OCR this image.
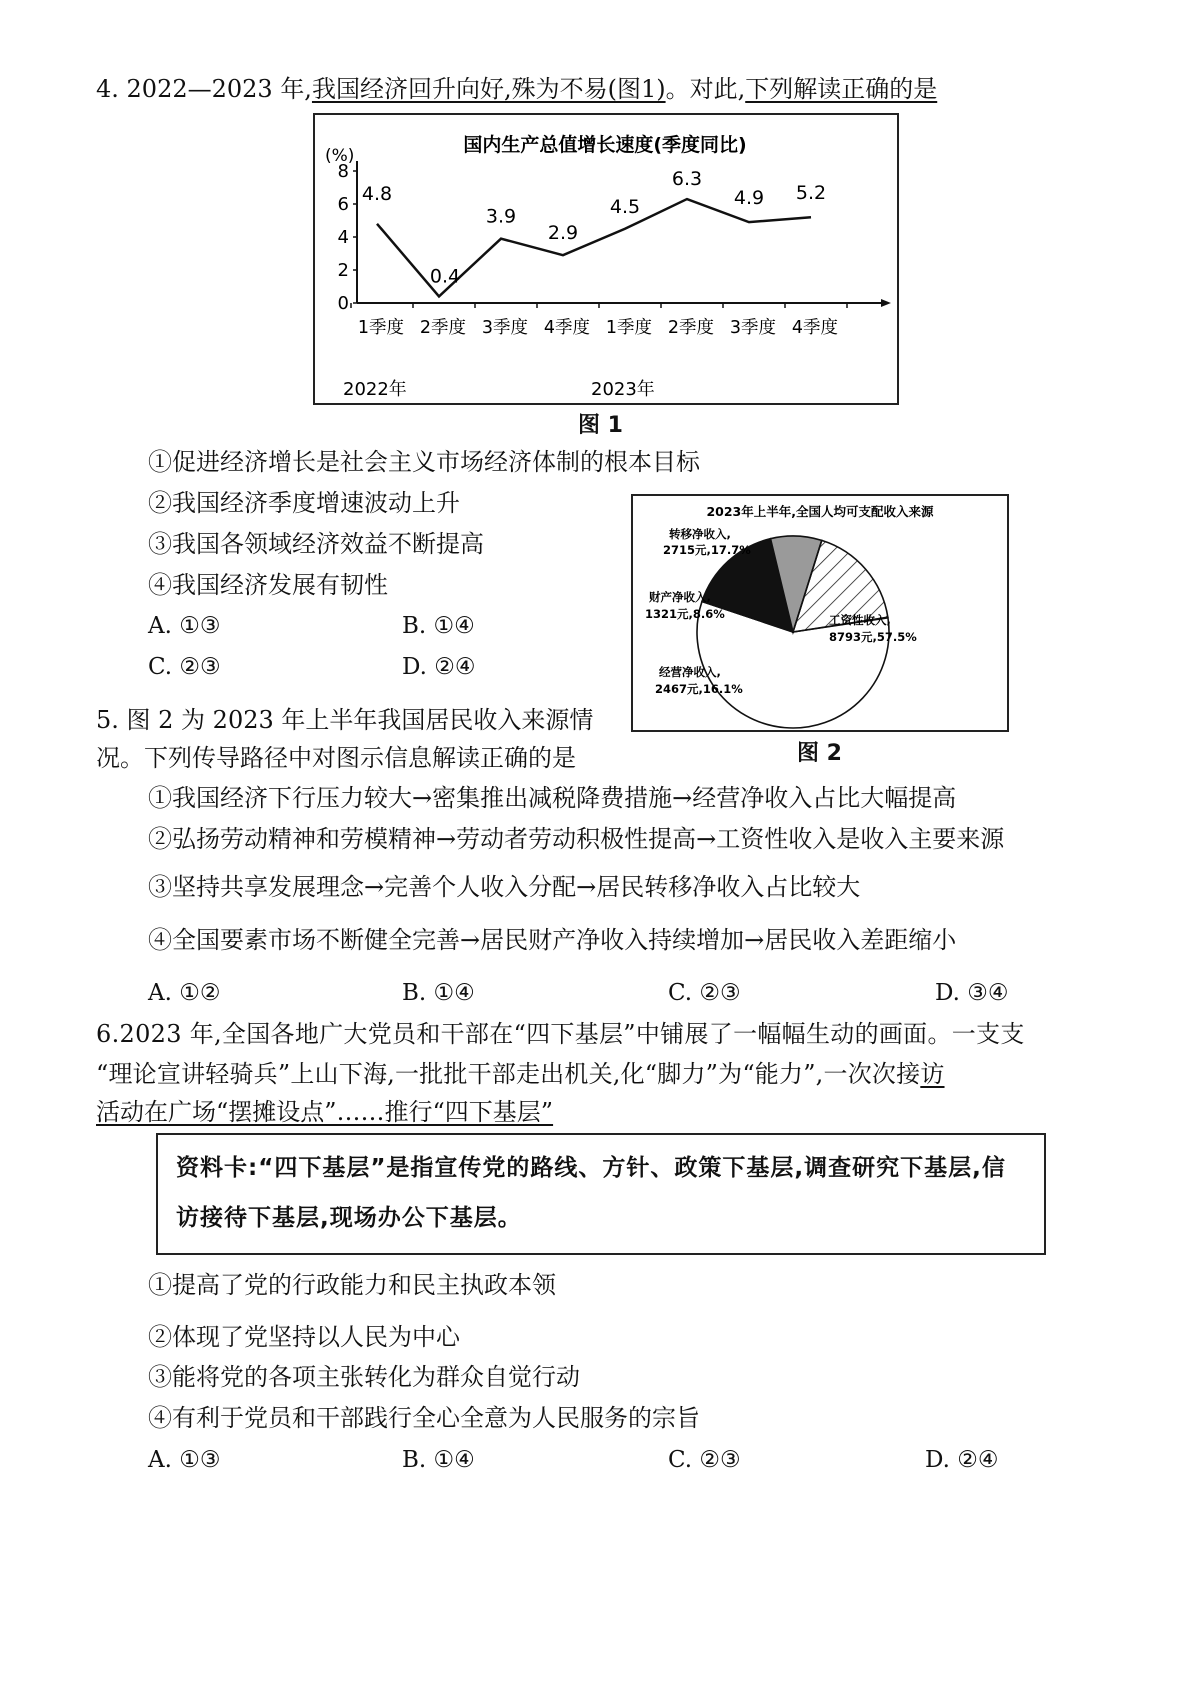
4. 2022—2023 年,我国经济回升向好,殊为不易(图1)。对此,下列解读正确的是
国内生产总值增长速度(季度同比)
(%)
0
2
4
6
8
1季度 2季度 3季度 4季度 1季度 2季度 3季度 4季度
4.8
0.4
3.9
2.9
4.5
6.3
4.9 5.2
2022年	2023年
图 1
①促进经济增长是社会主义市场经济体制的根本目标
②我国经济季度增速波动上升
③我国各领域经济效益不断提高
④我国经济发展有韧性
A. ①③	B. ①④
C. ②③	D. ②④
2023年上半年,全国人均可支配收入来源
转移净收入,
2715元,17.7%
财产净收入,
1321元,8.6%	工资性收入,
8793元,57.5%
经营净收入,
2467元,16.1%
图 2
5. 图 2 为 2023 年上半年我国居民收入来源情
况。下列传导路径中对图示信息解读正确的是
①我国经济下行压力较大→密集推出减税降费措施→经营净收入占比大幅提高
②弘扬劳动精神和劳模精神→劳动者劳动积极性提高→工资性收入是收入主要来源
③坚持共享发展理念→完善个人收入分配→居民转移净收入占比较大
④全国要素市场不断健全完善→居民财产净收入持续增加→居民收入差距缩小
A. ①②	B. ①④	C. ②③	D. ③④
6.2023 年,全国各地广大党员和干部在“四下基层”中铺展了一幅幅生动的画面。一支支
“理论宣讲轻骑兵”上山下海,一批批干部走出机关,化“脚力”为“能力”,一次次接访
活动在广场“摆摊设点”……推行“四下基层”
资料卡:“四下基层”是指宣传党的路线、方针、政策下基层,调查研究下基层,信访接待下基层,现场办公下基层。
①提高了党的行政能力和民主执政本领
②体现了党坚持以人民为中心
③能将党的各项主张转化为群众自觉行动
④有利于党员和干部践行全心全意为人民服务的宗旨
A. ①③	B. ①④	C. ②③	D. ②④
